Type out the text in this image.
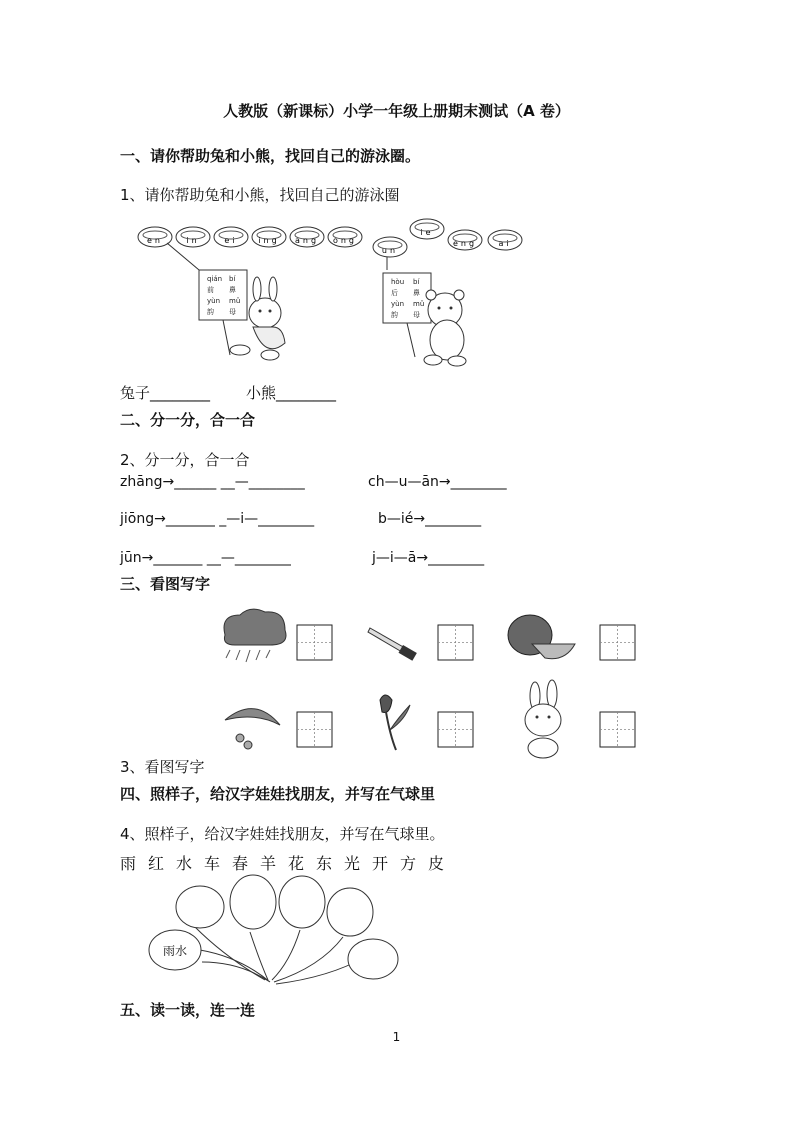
人教版（新课标）小学一年级上册期末测试（A 卷）
一、请你帮助兔和小熊，找回自己的游泳圈。
1、请你帮助兔和小熊，找回自己的游泳圈
en	in	ei	ing ang ong
un
ie
eng	ai
qián bí 前 鼻 yùn mǔ 韵 母
hòu bí 后 鼻 yùn mǔ 韵 母
兔子________ 小熊________
二、分一分，合一合
2、分一分，合一合
zhāng→______ __—________	ch—u—ān→________
jiōng→_______ _—i—________	b—ié→________
jūn→_______ __—________	j—i—ā→________
三、看图写字
3、看图写字
四、照样子，给汉字娃娃找朋友，并写在气球里
4、照样子，给汉字娃娃找朋友，并写在气球里。
雨 红 水 车 春 羊 花 东 光 开 方 皮
雨水
五、读一读，连一连
1
